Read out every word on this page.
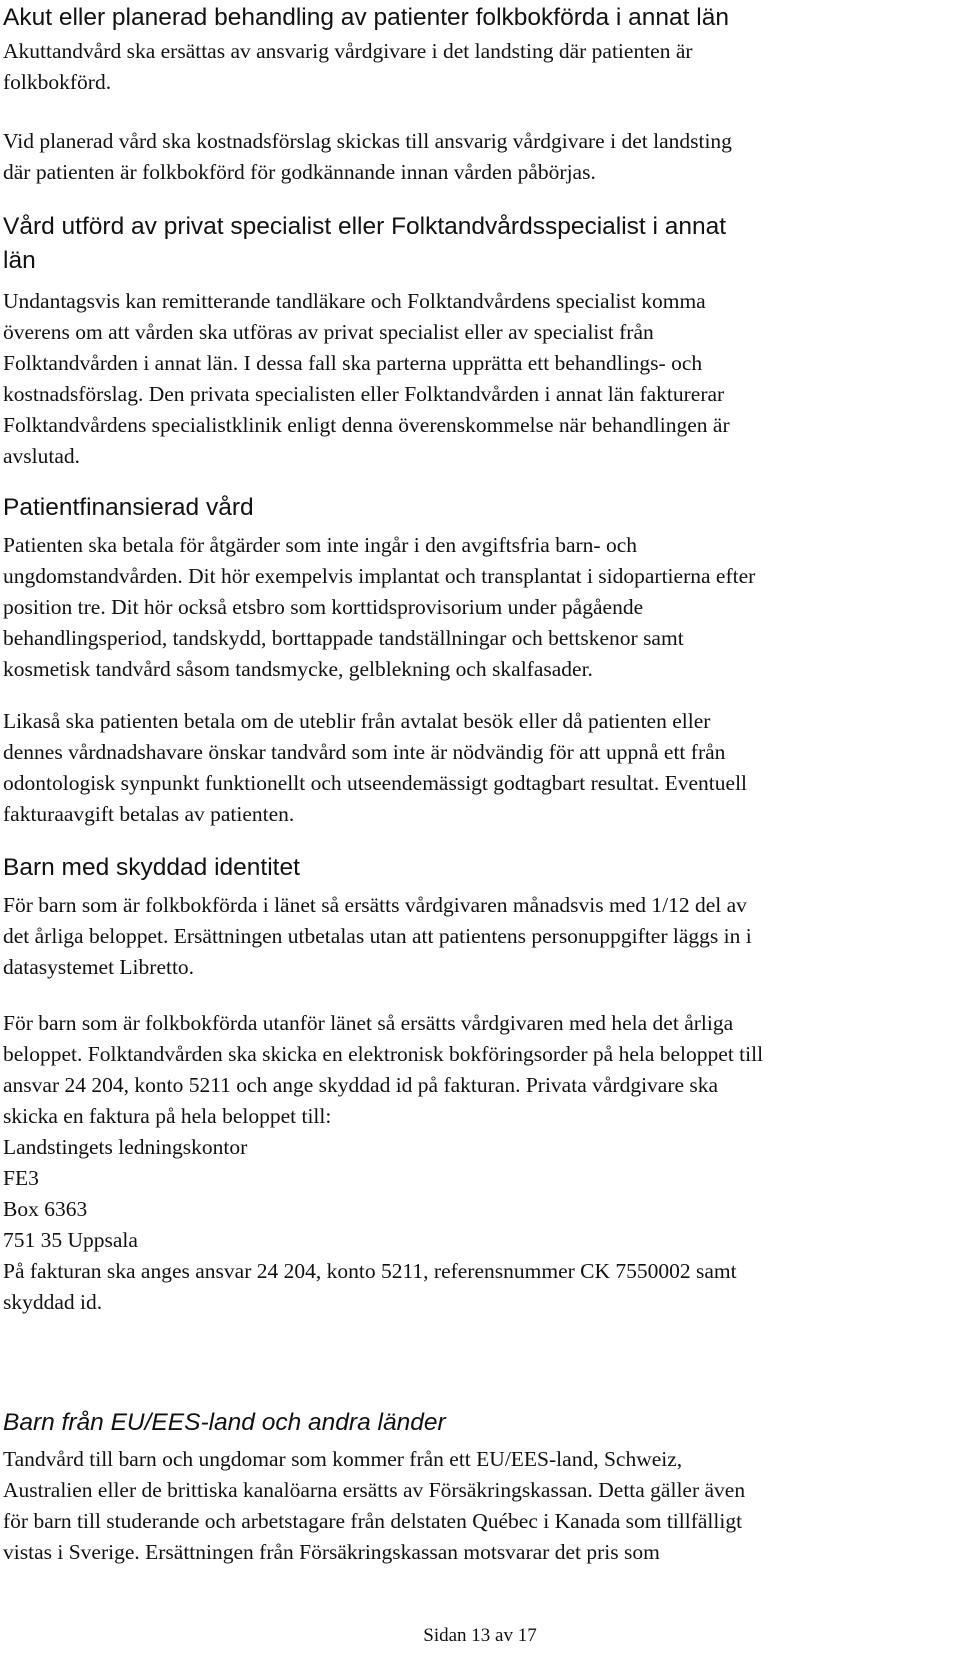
Akut eller planerad behandling av patienter folkbokförda i annat län

Akuttandvård ska ersättas av ansvarig vårdgivare i det landsting där patienten är
folkbokförd.

Vid planerad vård ska kostnadsförslag skickas till ansvarig vårdgivare i det landsting
där patienten är folkbokförd för godkännande innan vården påbörjas.

Vård utförd av privat specialist eller Folktandvårdsspecialist i annat
län

Undantagsvis kan remitterande tandläkare och Folktandvårdens specialist komma
överens om att vården ska utföras av privat specialist eller av specialist från
Folktandvården i annat län. I dessa fall ska parterna upprätta ett behandlings- och
kostnadsförslag. Den privata specialisten eller Folktandvården i annat län fakturerar
Folktandvårdens specialistklinik enligt denna överenskommelse när behandlingen är
avslutad.

Patientfinansierad vård

Patienten ska betala för åtgärder som inte ingår i den avgiftsfria barn- och
ungdomstandvården. Dit hör exempelvis implantat och transplantat i sidopartierna efter
position tre. Dit hör också etsbro som korttidsprovisorium under pågående
behandlingsperiod, tandskydd, borttappade tandställningar och bettskenor samt
kosmetisk tandvård såsom tandsmycke, gelblekning och skalfasader.

Likaså ska patienten betala om de uteblir från avtalat besök eller då patienten eller
dennes vårdnadshavare önskar tandvård som inte är nödvändig för att uppnå ett från
odontologisk synpunkt funktionellt och utseendemässigt godtagbart resultat. Eventuell
fakturaavgift betalas av patienten.

Barn med skyddad identitet

För barn som är folkbokförda i länet så ersätts vårdgivaren månadsvis med 1/12 del av
det årliga beloppet. Ersättningen utbetalas utan att patientens personuppgifter läggs in i
datasystemet Libretto.

För barn som är folkbokförda utanför länet så ersätts vårdgivaren med hela det årliga
beloppet. Folktandvården ska skicka en elektronisk bokföringsorder på hela beloppet till
ansvar 24 204, konto 5211 och ange skyddad id på fakturan. Privata vårdgivare ska
skicka en faktura på hela beloppet till:
Landstingets ledningskontor
FE3
Box 6363
751 35 Uppsala
På fakturan ska anges ansvar 24 204, konto 5211, referensnummer CK 7550002 samt
skyddad id.

Barn från EU/EES-land och andra länder

Tandvård till barn och ungdomar som kommer från ett EU/EES-land, Schweiz,
Australien eller de brittiska kanalöarna ersätts av Försäkringskassan. Detta gäller även
för barn till studerande och arbetstagare från delstaten Québec i Kanada som tillfälligt
vistas i Sverige. Ersättningen från Försäkringskassan motsvarar det pris som

Sidan 13 av 17
